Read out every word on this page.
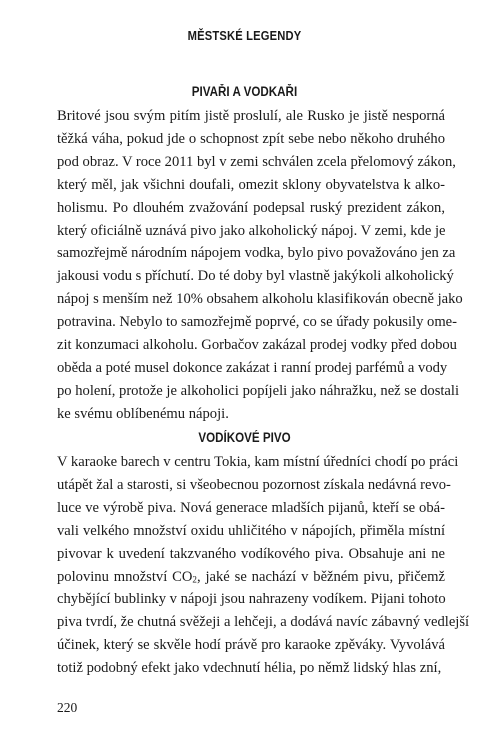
MĚSTSKÉ LEGENDY
PIVAŘI A VODKAŘI
Britové jsou svým pitím jistě proslulí, ale Rusko je jistě nesporná
těžká váha, pokud jde o schopnost zpít sebe nebo někoho druhého
pod obraz. V roce 2011 byl v zemi schválen zcela přelomový zákon,
který měl, jak všichni doufali, omezit sklony obyvatelstva k alko-
holismu. Po dlouhém zvažování podepsal ruský prezident zákon,
který oficiálně uznává pivo jako alkoholický nápoj. V zemi, kde je
samozřejmě národním nápojem vodka, bylo pivo považováno jen za
jakousi vodu s příchutí. Do té doby byl vlastně jakýkoli alkoholický
nápoj s menším než 10% obsahem alkoholu klasifikován obecně jako
potravina. Nebylo to samozřejmě poprvé, co se úřady pokusily ome-
zit konzumaci alkoholu. Gorbačov zakázal prodej vodky před dobou
oběda a poté musel dokonce zakázat i ranní prodej parfémů a vody
po holení, protože je alkoholici popíjeli jako náhražku, než se dostali
ke svému oblíbenému nápoji.
VODÍKOVÉ PIVO
V karaoke barech v centru Tokia, kam místní úředníci chodí po práci
utápět žal a starosti, si všeobecnou pozornost získala nedávná revo-
luce ve výrobě piva. Nová generace mladších pijanů, kteří se obá-
vali velkého množství oxidu uhličitého v nápojích, přiměla místní
pivovar k uvedení takzvaného vodíkového piva. Obsahuje ani ne
polovinu množství $CO_2$, jaké se nachází v běžném pivu, přičemž
chybějící bublinky v nápoji jsou nahrazeny vodíkem. Pijani tohoto
piva tvrdí, že chutná svěžeji a lehčeji, a dodává navíc zábavný vedlejší
účinek, který se skvěle hodí právě pro karaoke zpěváky. Vyvolává
totiž podobný efekt jako vdechnutí hélia, po němž lidský hlas zní,
220
